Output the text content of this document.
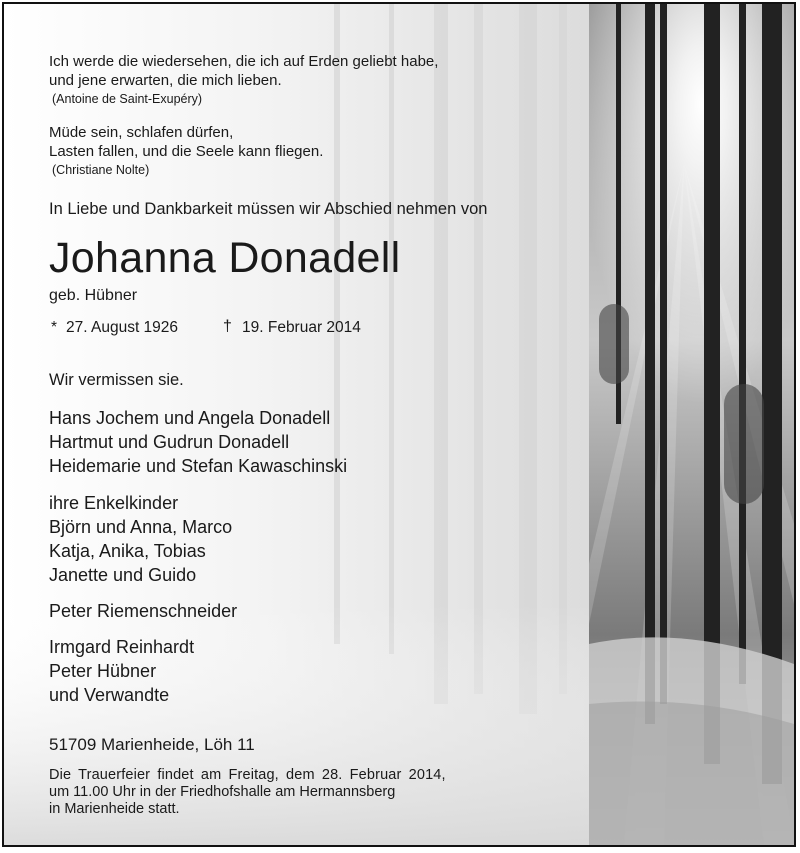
Ich werde die wiedersehen, die ich auf Erden geliebt habe,
und jene erwarten, die mich lieben.
(Antoine de Saint-Exupéry)
Müde sein, schlafen dürfen,
Lasten fallen, und die Seele kann fliegen.
(Christiane Nolte)
In Liebe und Dankbarkeit müssen wir Abschied nehmen von
Johanna Donadell
geb. Hübner
* 27. August 1926	† 19. Februar 2014
Wir vermissen sie.
Hans Jochem und Angela Donadell
Hartmut und Gudrun Donadell
Heidemarie und Stefan Kawaschinski
ihre Enkelkinder
Björn und Anna, Marco
Katja, Anika, Tobias
Janette und Guido
Peter Riemenschneider
Irmgard Reinhardt
Peter Hübner
und Verwandte
51709 Marienheide, Löh 11
Die Trauerfeier findet am Freitag, dem 28. Februar 2014,
um 11.00 Uhr in der Friedhofshalle am Hermannsberg
in Marienheide statt.
